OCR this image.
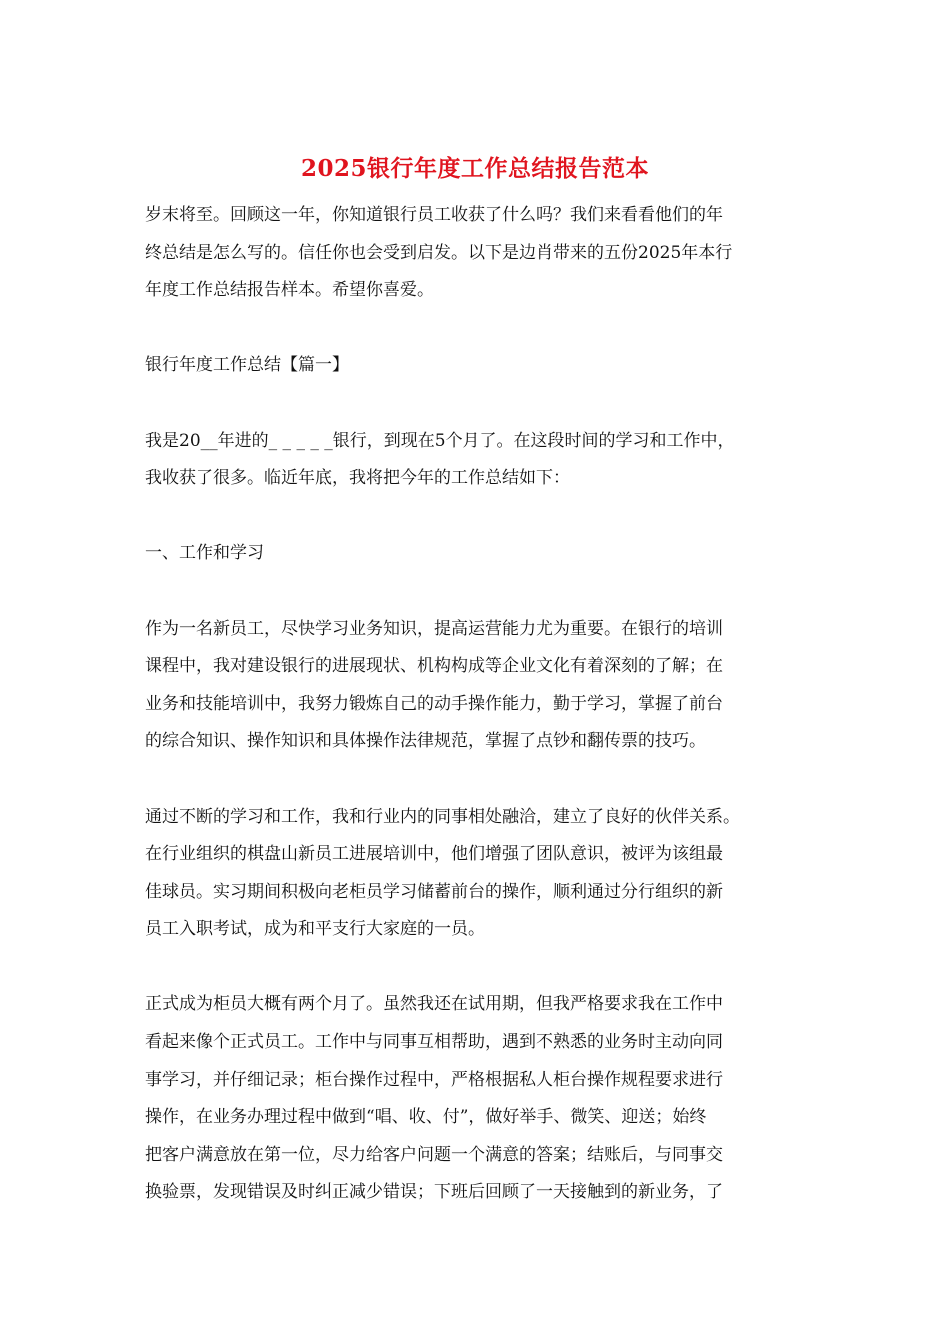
2025银行年度工作总结报告范本

岁末将至。回顾这一年，你知道银行员工收获了什么吗？我们来看看他们的年
终总结是怎么写的。信任你也会受到启发。以下是边肖带来的五份2025年本行
年度工作总结报告样本。希望你喜爱。

银行年度工作总结【篇一】

我是20__年进的_ _ _ _ _银行，到现在5个月了。在这段时间的学习和工作中，
我收获了很多。临近年底，我将把今年的工作总结如下：

一、工作和学习

作为一名新员工，尽快学习业务知识，提高运营能力尤为重要。在银行的培训
课程中，我对建设银行的进展现状、机构构成等企业文化有着深刻的了解；在
业务和技能培训中，我努力锻炼自己的动手操作能力，勤于学习，掌握了前台
的综合知识、操作知识和具体操作法律规范，掌握了点钞和翻传票的技巧。

通过不断的学习和工作，我和行业内的同事相处融洽，建立了良好的伙伴关系。
在行业组织的棋盘山新员工进展培训中，他们增强了团队意识，被评为该组最
佳球员。实习期间积极向老柜员学习储蓄前台的操作，顺利通过分行组织的新
员工入职考试，成为和平支行大家庭的一员。

正式成为柜员大概有两个月了。虽然我还在试用期，但我严格要求我在工作中
看起来像个正式员工。工作中与同事互相帮助，遇到不熟悉的业务时主动向同
事学习，并仔细记录；柜台操作过程中，严格根据私人柜台操作规程要求进行
操作，在业务办理过程中做到“唱、收、付”，做好举手、微笑、迎送；始终
把客户满意放在第一位，尽力给客户问题一个满意的答案；结账后，与同事交
换验票，发现错误及时纠正减少错误；下班后回顾了一天接触到的新业务，了
